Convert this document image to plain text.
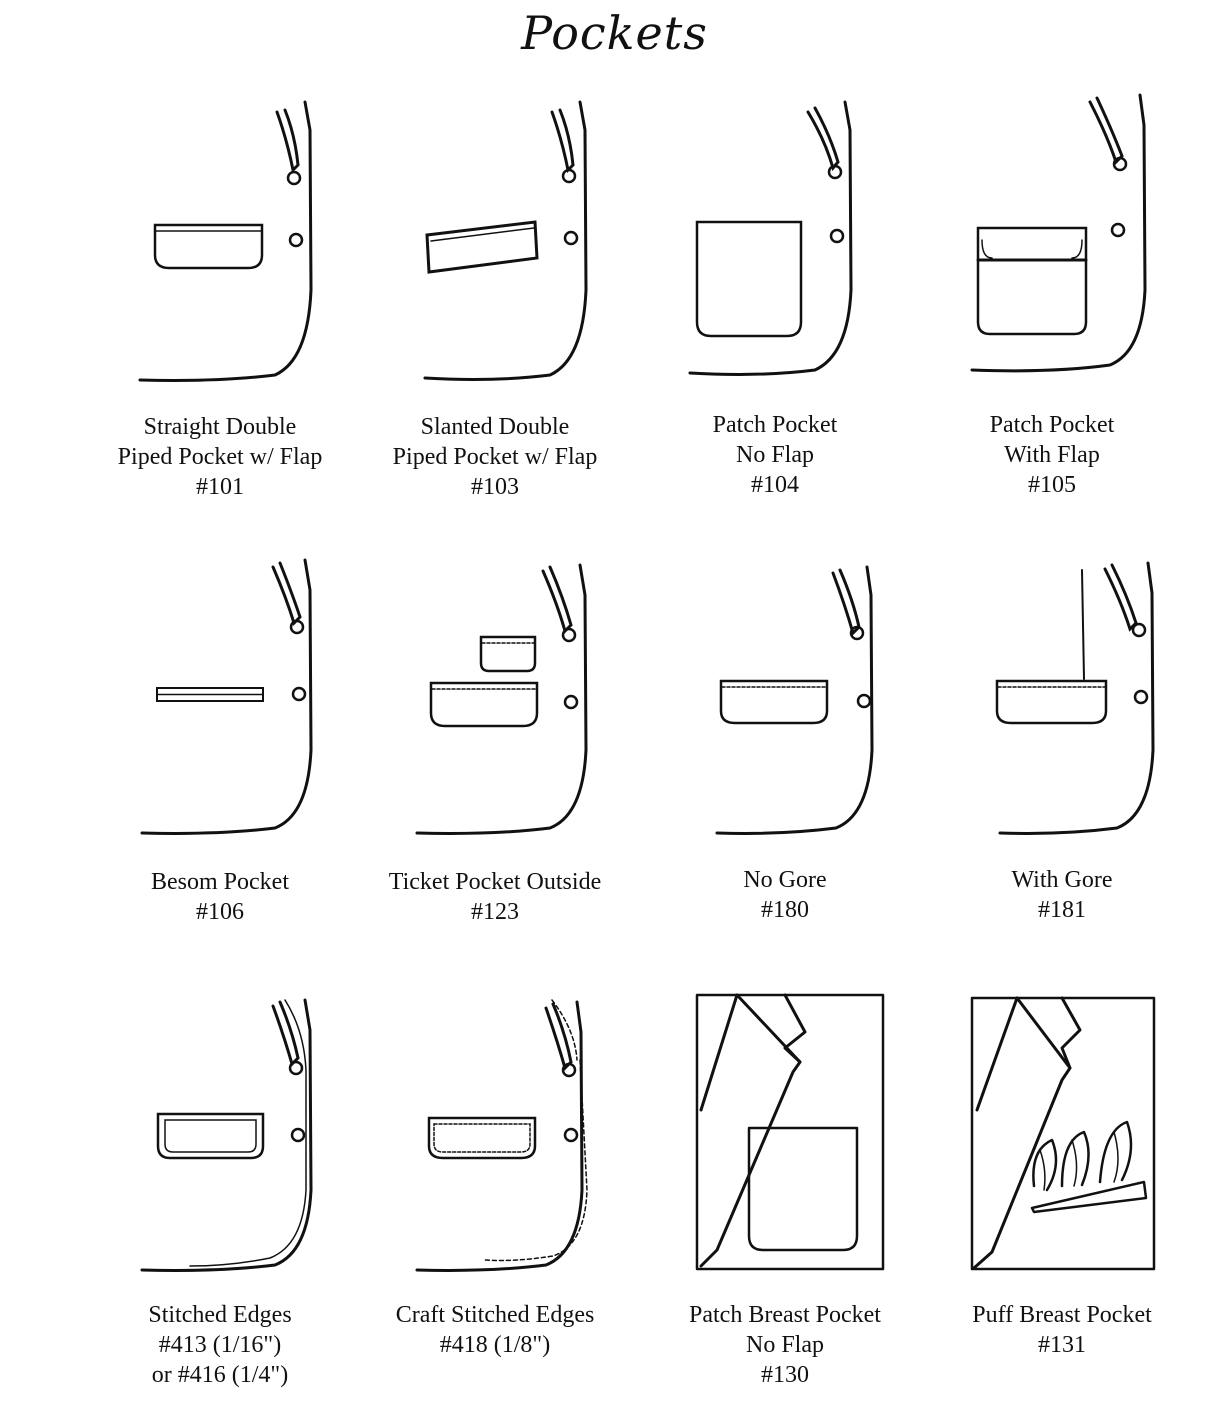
Pockets
Straight Double
Piped Pocket w/ Flap
#101
Slanted Double
Piped Pocket w/ Flap
#103
Patch Pocket
No Flap
#104
Patch Pocket
With Flap
#105
Besom Pocket
#106
Ticket Pocket Outside
#123
No Gore
#180
With Gore
#181
Stitched Edges
#413 (1/16")
or #416 (1/4")
Craft Stitched Edges
#418 (1/8")
Patch Breast Pocket
No Flap
#130
Puff Breast Pocket
#131
